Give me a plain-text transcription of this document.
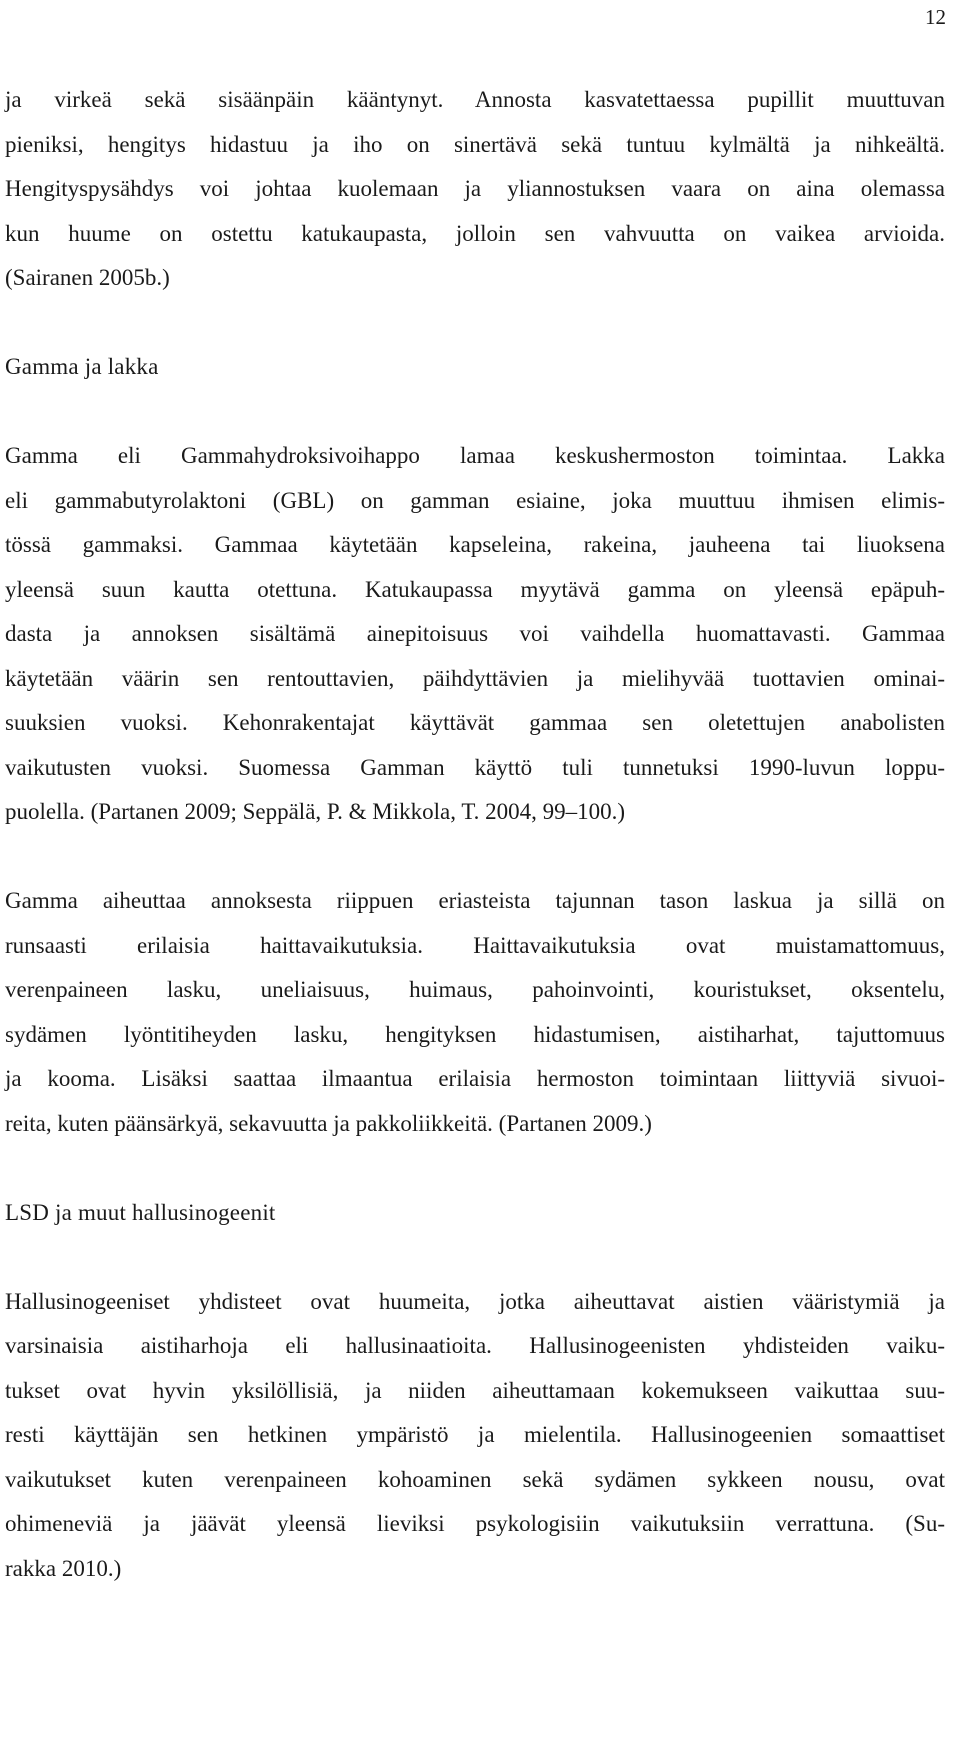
12
ja virkeä sekä sisäänpäin kääntynyt. Annosta kasvatettaessa pupillit muuttuvan
pieniksi, hengitys hidastuu ja iho on sinertävä sekä tuntuu kylmältä ja nihkeältä.
Hengityspysähdys voi johtaa kuolemaan ja yliannostuksen vaara on aina olemassa
kun huume on ostettu katukaupasta, jolloin sen vahvuutta on vaikea arvioida.
(Sairanen 2005b.)
Gamma ja lakka
Gamma eli Gammahydroksivoihappo lamaa keskushermoston toimintaa. Lakka
eli gammabutyrolaktoni (GBL) on gamman esiaine, joka muuttuu ihmisen elimis-
tössä gammaksi. Gammaa käytetään kapseleina, rakeina, jauheena tai liuoksena
yleensä suun kautta otettuna. Katukaupassa myytävä gamma on yleensä epäpuh-
dasta ja annoksen sisältämä ainepitoisuus voi vaihdella huomattavasti. Gammaa
käytetään väärin sen rentouttavien, päihdyttävien ja mielihyvää tuottavien ominai-
suuksien vuoksi. Kehonrakentajat käyttävät gammaa sen oletettujen anabolisten
vaikutusten vuoksi. Suomessa Gamman käyttö tuli tunnetuksi 1990-luvun loppu-
puolella. (Partanen 2009; Seppälä, P. & Mikkola, T. 2004, 99–100.)
Gamma aiheuttaa annoksesta riippuen eriasteista tajunnan tason laskua ja sillä on
runsaasti erilaisia haittavaikutuksia. Haittavaikutuksia ovat muistamattomuus,
verenpaineen lasku, uneliaisuus, huimaus, pahoinvointi, kouristukset, oksentelu,
sydämen lyöntitiheyden lasku, hengityksen hidastumisen, aistiharhat, tajuttomuus
ja kooma. Lisäksi saattaa ilmaantua erilaisia hermoston toimintaan liittyviä sivuoi-
reita, kuten päänsärkyä, sekavuutta ja pakkoliikkeitä. (Partanen 2009.)
LSD ja muut hallusinogeenit
Hallusinogeeniset yhdisteet ovat huumeita, jotka aiheuttavat aistien vääristymiä ja
varsinaisia aistiharhoja eli hallusinaatioita. Hallusinogeenisten yhdisteiden vaiku-
tukset ovat hyvin yksilöllisiä, ja niiden aiheuttamaan kokemukseen vaikuttaa suu-
resti käyttäjän sen hetkinen ympäristö ja mielentila. Hallusinogeenien somaattiset
vaikutukset kuten verenpaineen kohoaminen sekä sydämen sykkeen nousu, ovat
ohimeneviä ja jäävät yleensä lieviksi psykologisiin vaikutuksiin verrattuna. (Su-
rakka 2010.)
